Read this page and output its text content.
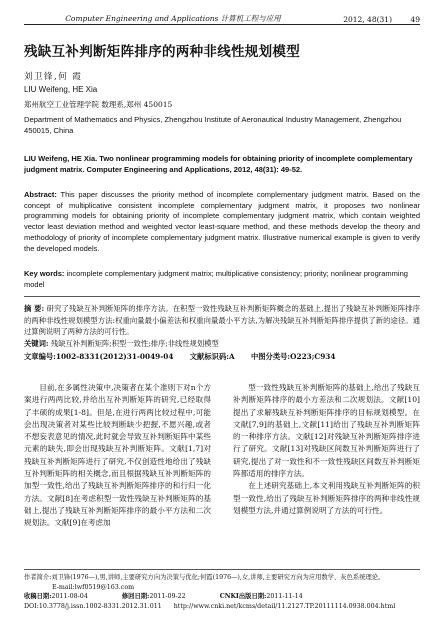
Computer Engineering and Applications 计算机工程与应用	2012, 48(31)	49
残缺互补判断矩阵排序的两种非线性规划模型
刘卫锋,何 霞
LIU Weifeng, HE Xia
郑州航空工业管理学院 数理系,郑州 450015
Department of Mathematics and Physics, Zhengzhou Institute of Aeronautical Industry Management, Zhengzhou 450015, China
LIU Weifeng, HE Xia. Two nonlinear programming models for obtaining priority of incomplete complementary judgment matrix. Computer Engineering and Applications, 2012, 48(31): 49-52.
Abstract: This paper discusses the priority method of incomplete complementary judgment matrix. Based on the concept of multiplicative consistent incomplete complementary judgment matrix, it proposes two nonlinear programming models for obtaining priority of incomplete complementary judgment matrix, which contain weighted vector least deviation method and weighted vector least-square method, and these methods develop the theory and methodology of priority of incomplete complementary judgment matrix. Illustrative numerical example is given to verify the developed models.
Key words: incomplete complementary judgment matrix; multiplicative consistency; priority; nonlinear programming model
摘 要: 研究了残缺互补判断矩阵的排序方法。在积型一致性残缺互补判断矩阵概念的基础上,提出了残缺互补判断矩阵排序的两种非线性规划模型方法:权重向量最小偏差法和权重向量最小平方法,为解决残缺互补判断矩阵排序提供了新的途径。通过算例说明了两种方法的可行性。
关键词: 残缺互补判断矩阵;积型一致性;排序;非线性规划模型
文章编号:1002-8331(2012)31-0049-04 文献标识码:A 中图分类号:O223;C934

目前,在多属性决策中,决策者在某个准则下对n个方案进行两两比较,并给出互补判断矩阵的研究,已经取得了丰硕的成果[1-8]。但是,在进行两两比较过程中,可能会出现决策者对某些比较判断缺少把握,不愿兴趣,或者不想妄表意见的情况,此时就会导致互补判断矩阵中某些元素的缺失,即会出现残缺互补判断矩阵。文献[1,7]对残缺互补判断矩阵进行了研究,不仅创造性地给出了残缺互补判断矩阵的相关概念,而且根据残缺互补判断矩阵的加型一致性,给出了残缺互补判断矩阵排序的和行归一化方法。文献[8]在考虑积型一致性残缺互补判断矩阵的基础上,提出了残缺互补判断矩阵排序的最小平方法和二次规划法。文献[9]在考虑加

型一致性残缺互补判断矩阵的基础上,给出了残缺互补判断矩阵排序的最小方差法和二次规划法。文献[10]提出了求解残缺互补判断矩阵排序的目标规划模型。在文献[7,9]的基础上,文献[11]给出了残缺互补判断矩阵的一种排序方法。文献[12]对残缺互补判断矩阵排序进行了研究。文献[13]对残缺区间数互补判断矩阵进行了研究,提出了对一致性和不一致性残缺区间数互补判断矩阵都适用的排序方法。

在上述研究基础上,本文利用残缺互补判断矩阵的积型一致性,给出了残缺互补判断矩阵排序的两种非线性规划模型方法,并通过算例说明了方法的可行性。

作者简介:刘卫锋(1976—),男,讲师,主要研究方向为决策与优化;何霞(1976—),女,讲师,主要研究方向为应用数学、灰色系统理论。
E-mail:lwf0519@163.com
收稿日期:2011-08-04	修回日期:2011-09-22	CNKI出版日期:2011-11-14
DOI:10.3778/j.issn.1002-8331.2012.31.011 http://www.cnki.net/kcms/detail/11.2127.TP.20111114.0938.004.html
